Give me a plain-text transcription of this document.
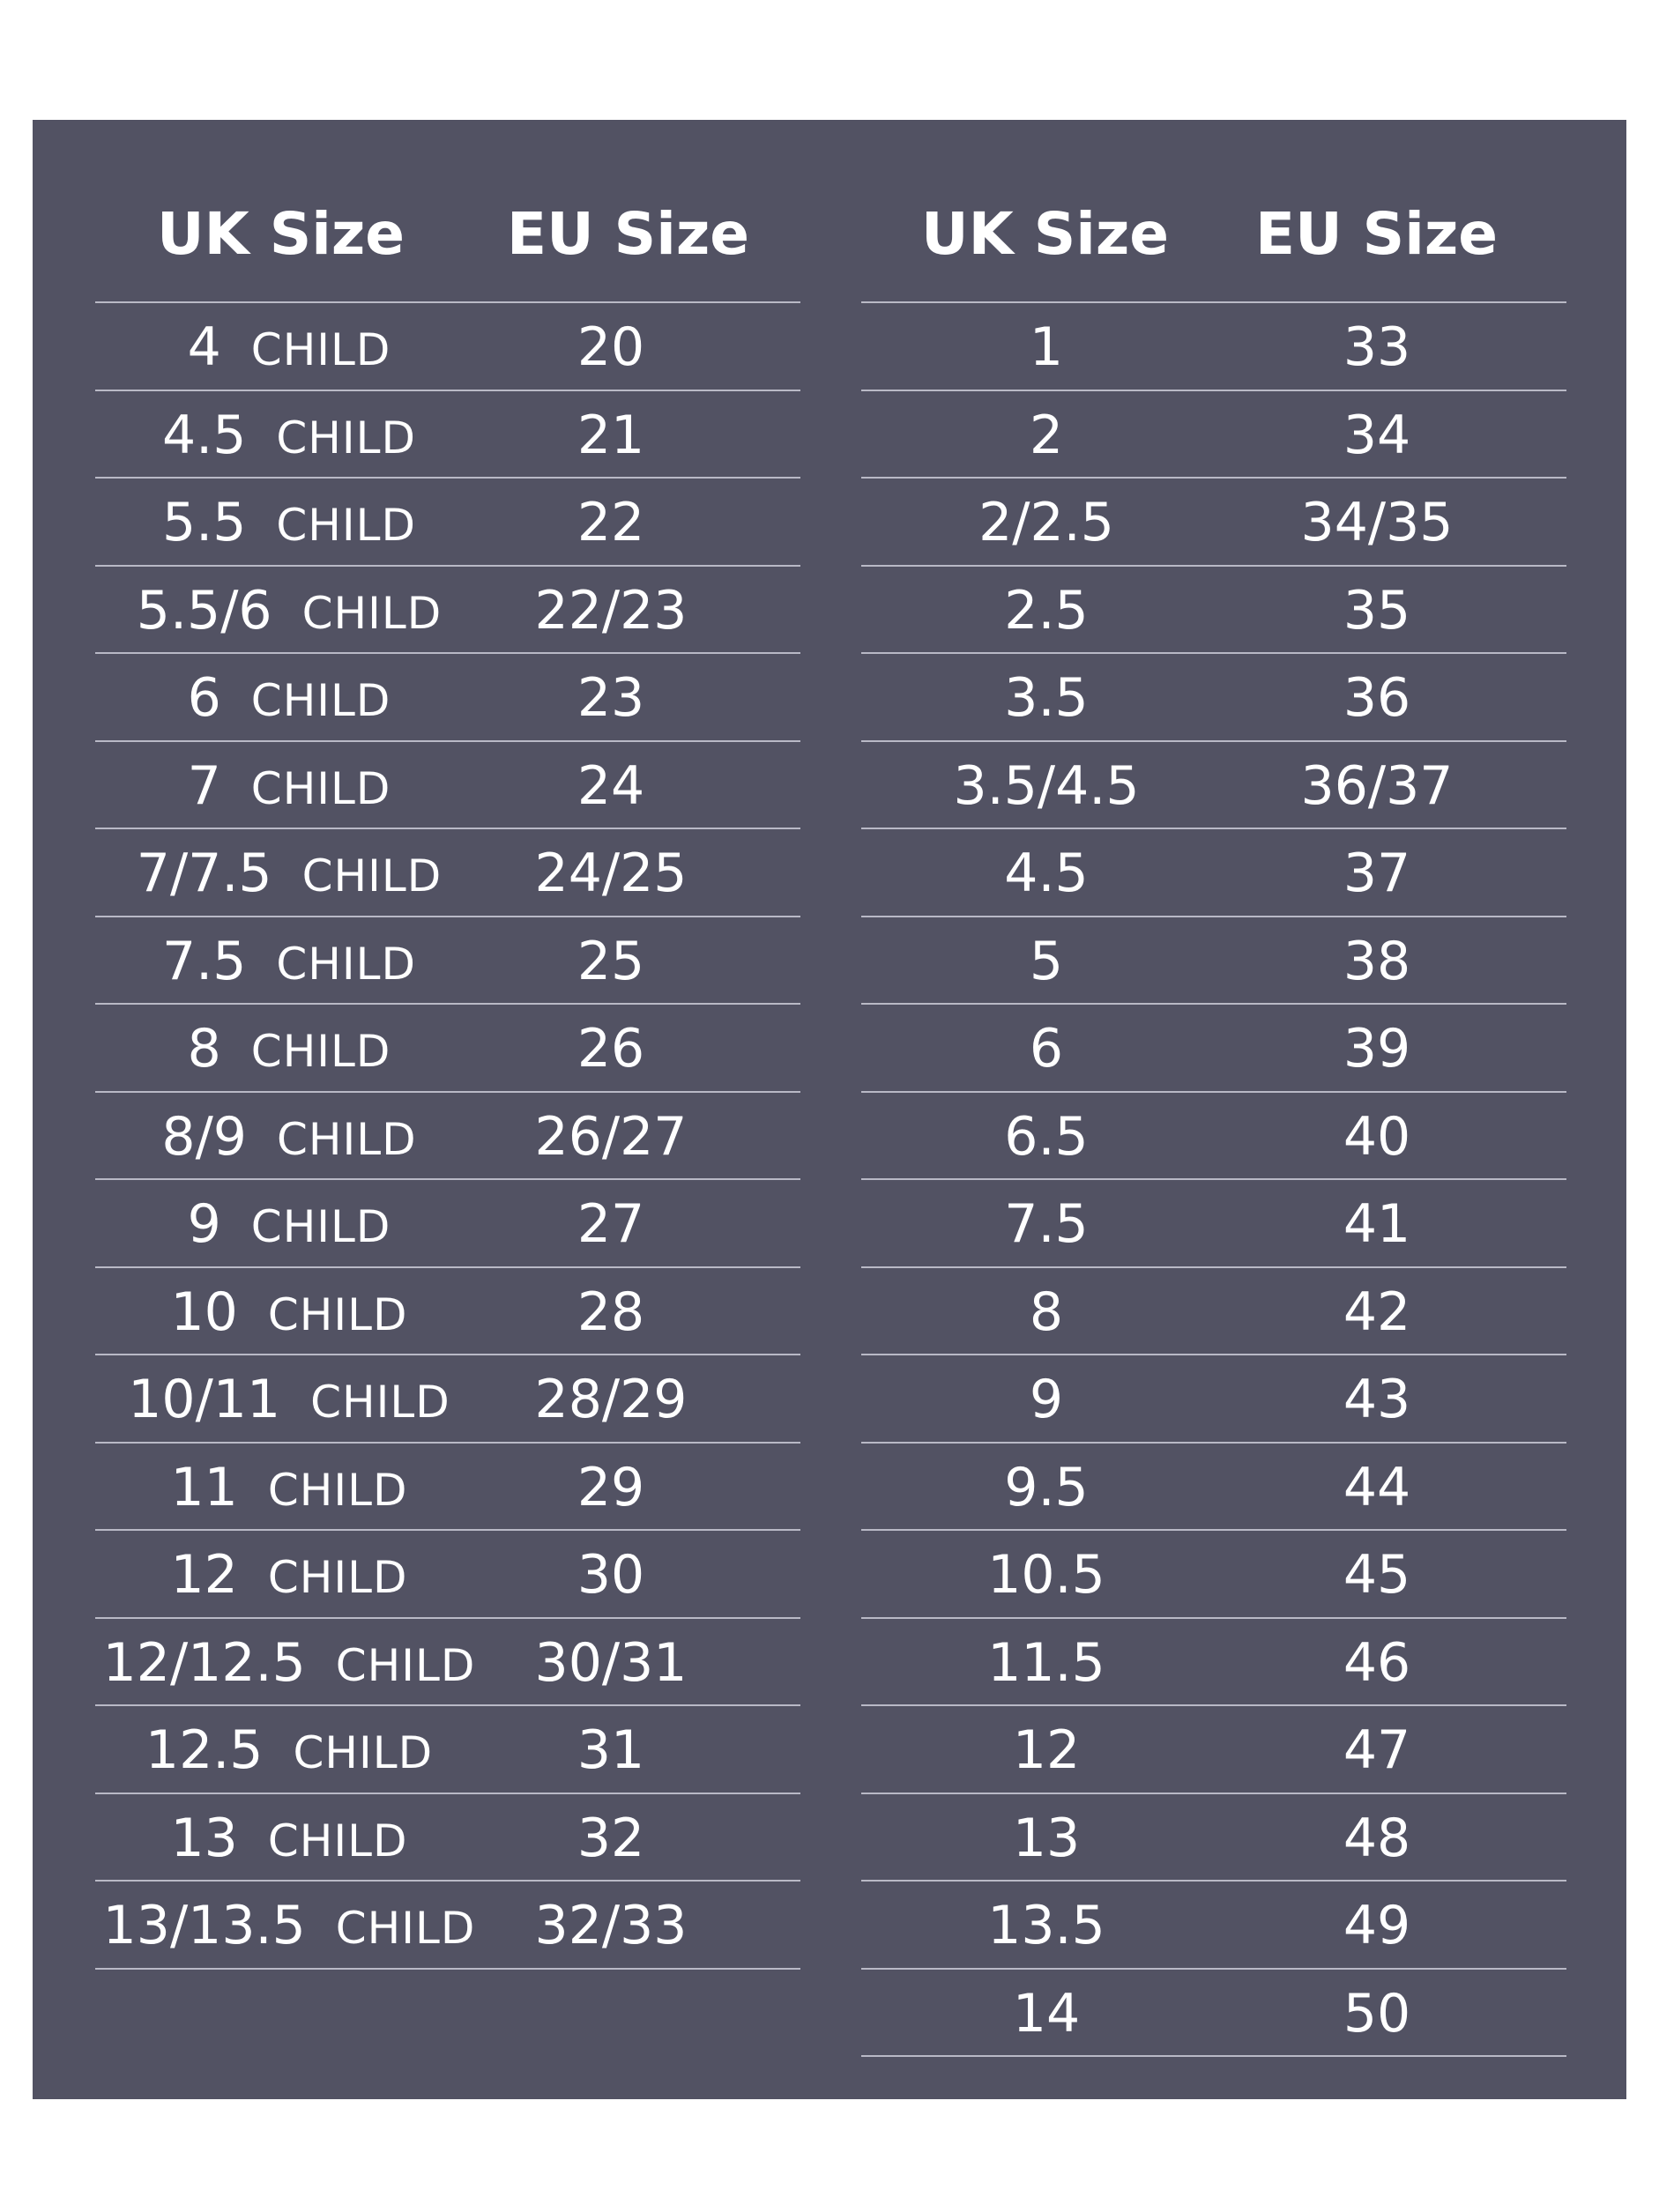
UK Size EU Size
4 CHILD	20
4.5 CHILD	21
5.5 CHILD	22
5.5/6 CHILD	22/23
6 CHILD	23
7 CHILD	24
7/7.5 CHILD	24/25
7.5 CHILD	25
8 CHILD	26
8/9 CHILD	26/27
9 CHILD	27
10 CHILD	28
10/11 CHILD	28/29
11 CHILD	29
12 CHILD	30
12/12.5 CHILD	30/31
12.5 CHILD	31
13 CHILD	32
13/13.5 CHILD	32/33
UK Size EU Size
1	33
2	34
2/2.5	34/35
2.5	35
3.5	36
3.5/4.5	36/37
4.5	37
5	38
6	39
6.5	40
7.5	41
8	42
9	43
9.5	44
10.5	45
11.5	46
12	47
13	48
13.5	49
14	50
